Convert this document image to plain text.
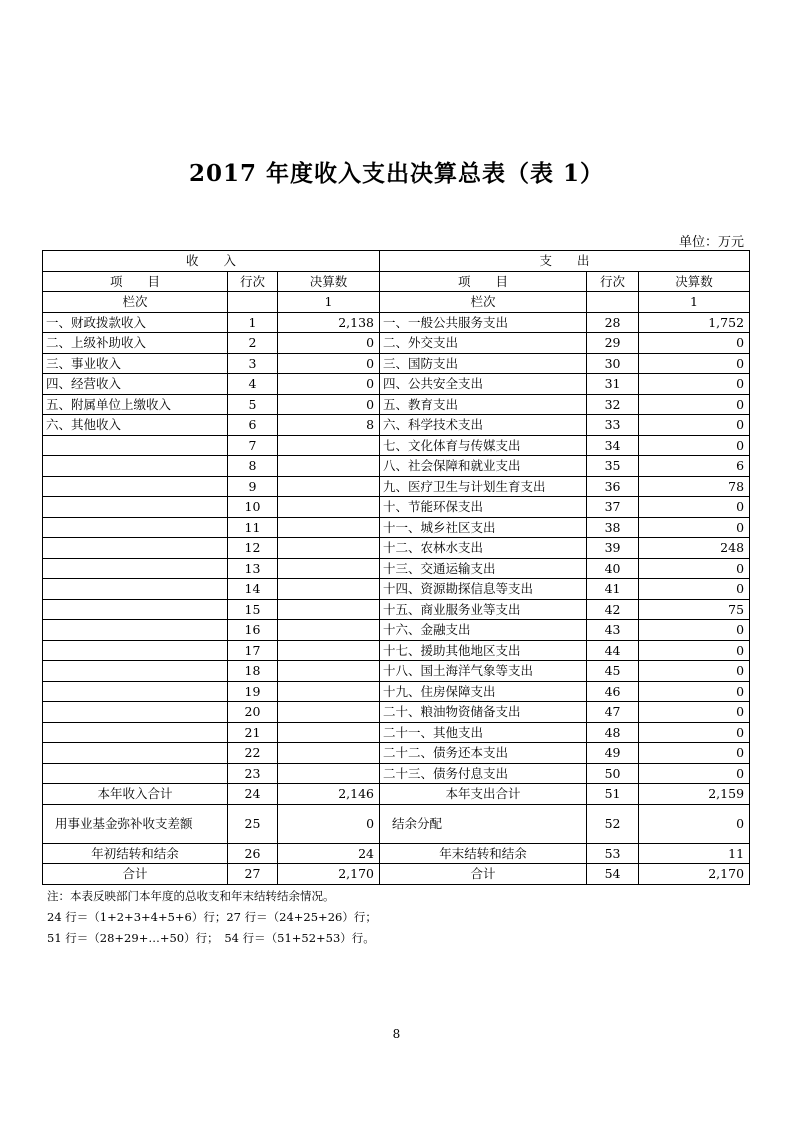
2017 年度收入支出决算总表（表 1）
单位：万元
收　　入			支　　出		
项　　目	行次	决算数	项　　目	行次	决算数
栏次		1	栏次		1
一、财政拨款收入	1	2,138	一、一般公共服务支出	28	1,752
二、上级补助收入	2	0	二、外交支出	29	0
三、事业收入	3	0	三、国防支出	30	0
四、经营收入	4	0	四、公共安全支出	31	0
五、附属单位上缴收入	5	0	五、教育支出	32	0
六、其他收入	6	8	六、科学技术支出	33	0
	7		七、文化体育与传媒支出	34	0
	8		八、社会保障和就业支出	35	6
	9		九、医疗卫生与计划生育支出	36	78
	10		十、节能环保支出	37	0
	11		十一、城乡社区支出	38	0
	12		十二、农林水支出	39	248
	13		十三、交通运输支出	40	0
	14		十四、资源勘探信息等支出	41	0
	15		十五、商业服务业等支出	42	75
	16		十六、金融支出	43	0
	17		十七、援助其他地区支出	44	0
	18		十八、国土海洋气象等支出	45	0
	19		十九、住房保障支出	46	0
	20		二十、粮油物资储备支出	47	0
	21		二十一、其他支出	48	0
	22		二十二、债务还本支出	49	0
	23		二十三、债务付息支出	50	0
本年收入合计	24	2,146	本年支出合计	51	2,159
用事业基金弥补收支差额	25	0	结余分配	52	0
年初结转和结余	26	24	年末结转和结余	53	11
合计	27	2,170	合计	54	2,170
注：本表反映部门本年度的总收支和年末结转结余情况。
24 行＝（1+2+3+4+5+6）行；27 行＝（24+25+26）行；
51 行＝（28+29+…+50）行；　54 行＝（51+52+53）行。
8
